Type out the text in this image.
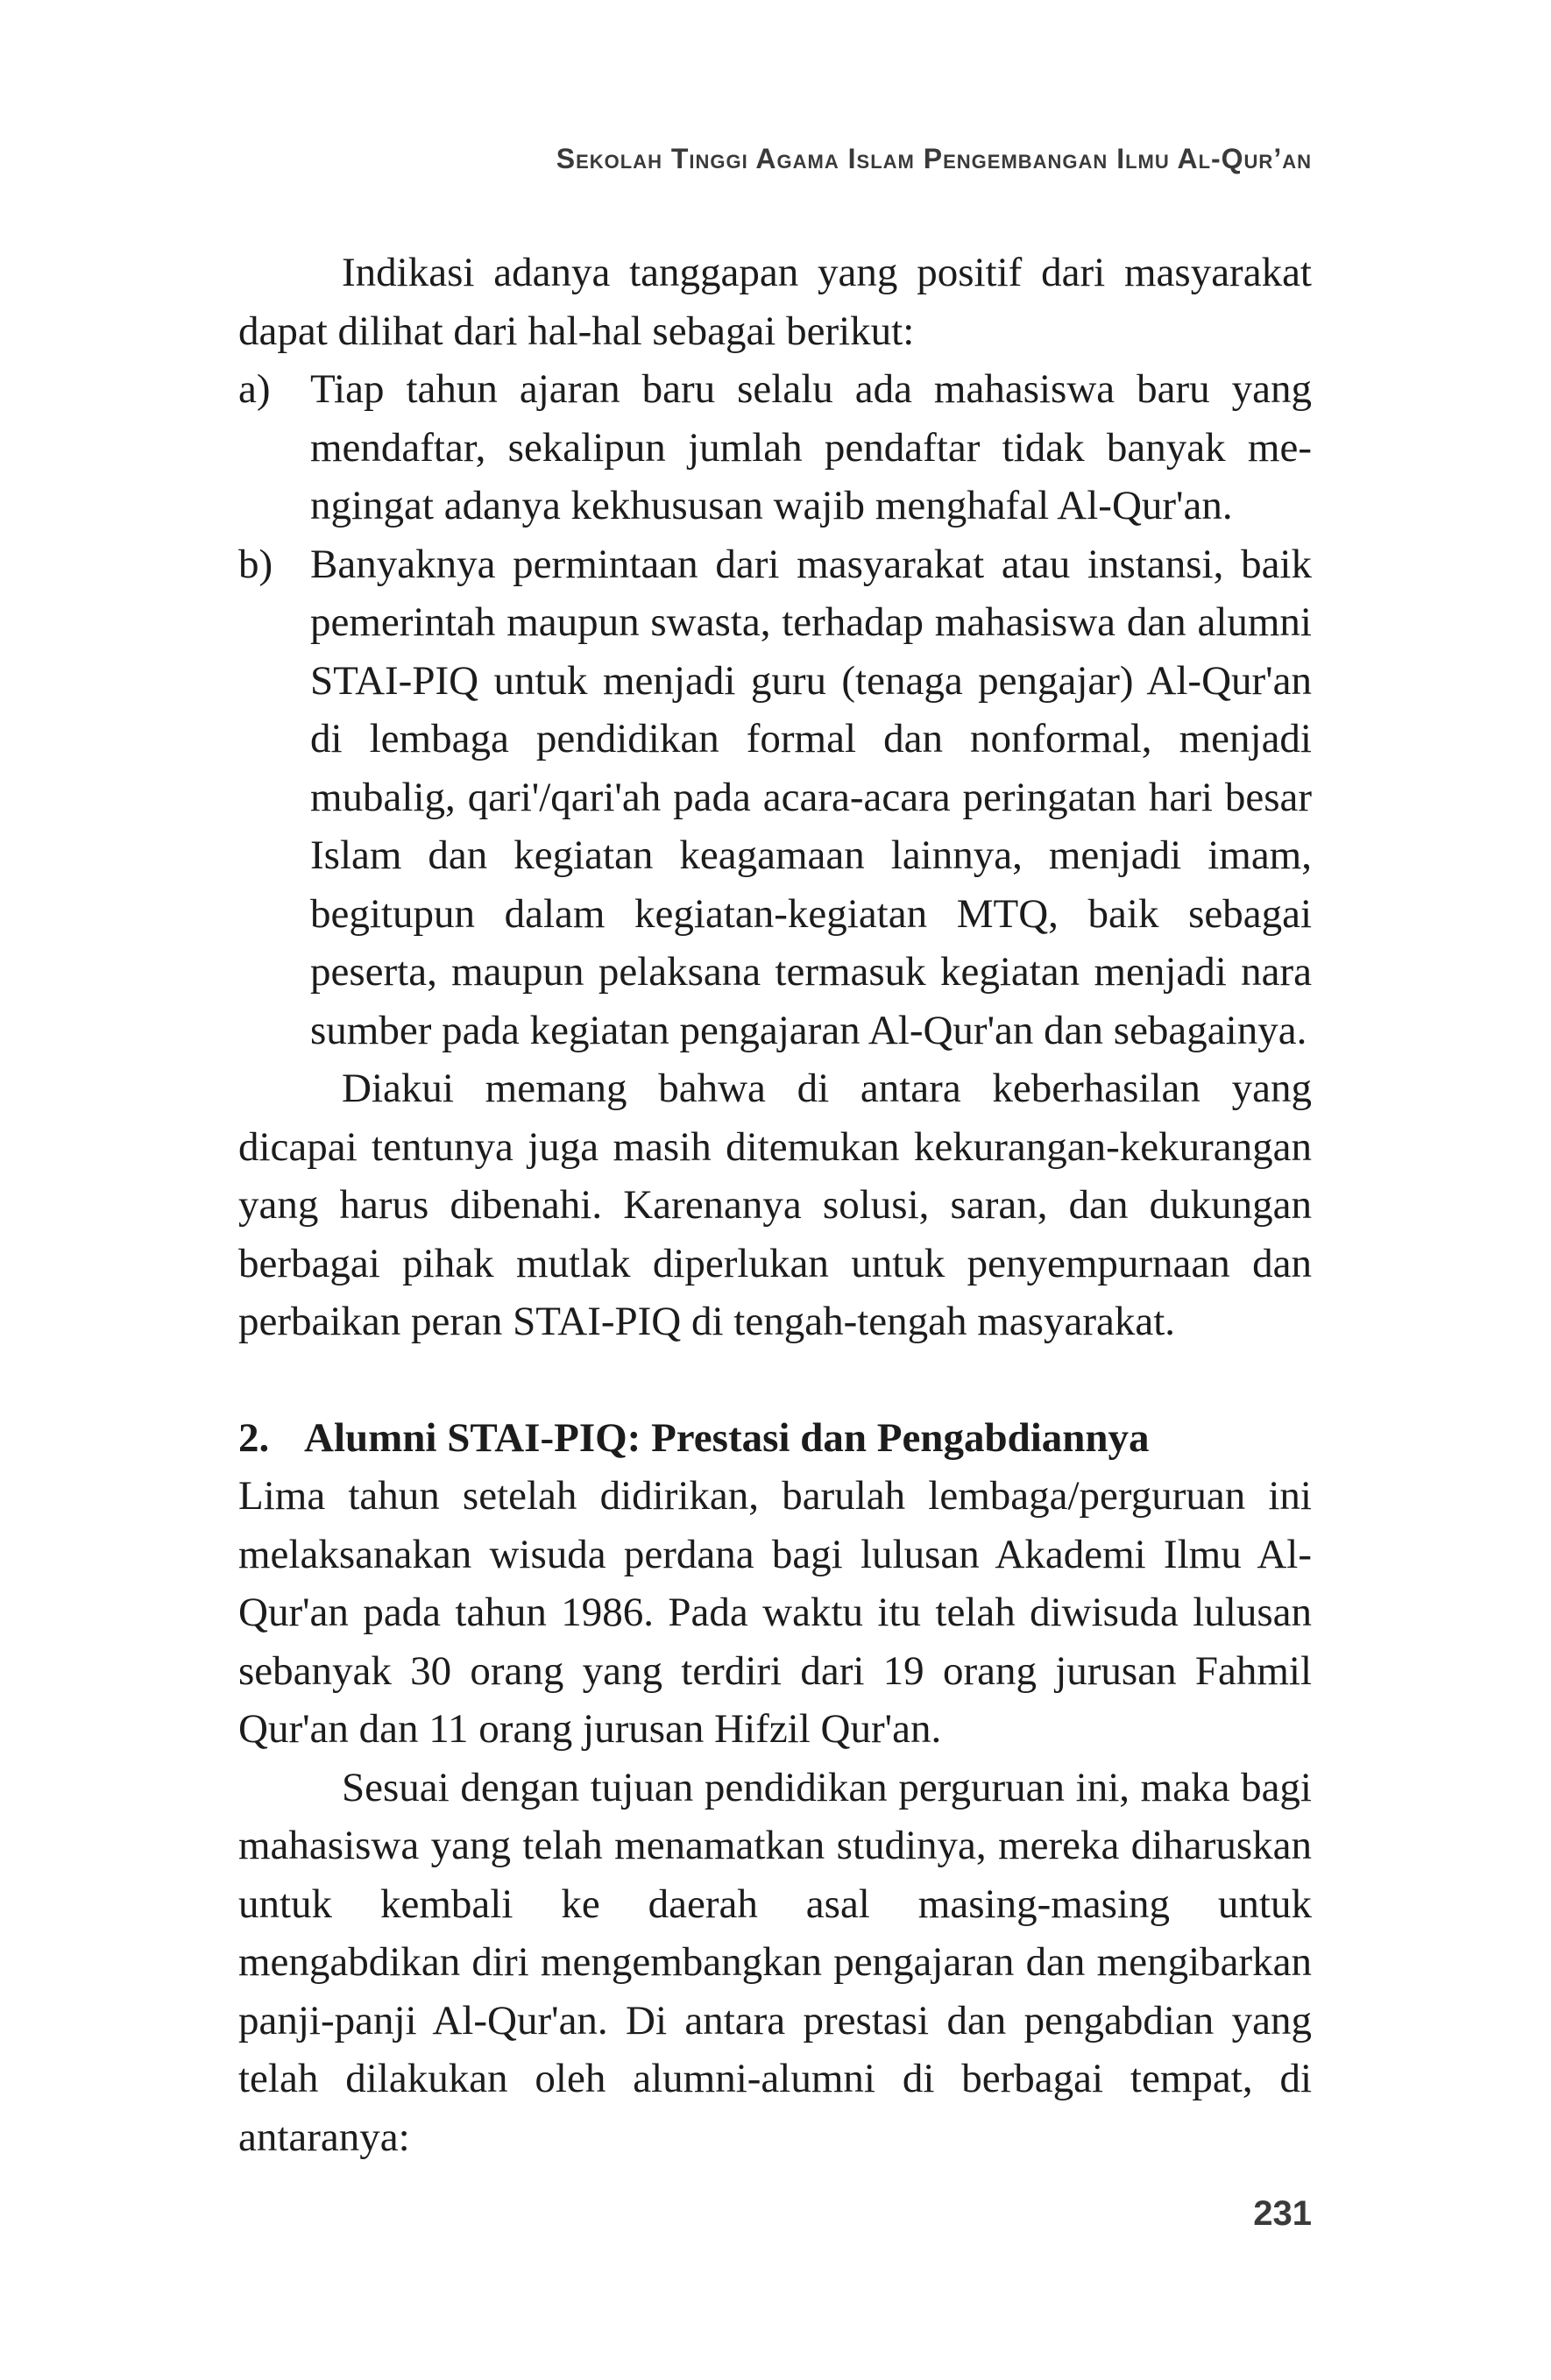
Sekolah Tinggi Agama Islam Pengembangan Ilmu Al-Qur’an

Indikasi adanya tanggapan yang positif dari masyarakat dapat dilihat dari hal-hal sebagai berikut:

a) Tiap tahun ajaran baru selalu ada mahasiswa baru yang mendaftar, sekalipun jumlah pendaftar tidak banyak mengingat adanya kekhususan wajib menghafal Al-Qur'an.
b) Banyaknya permintaan dari masyarakat atau instansi, baik pemerintah maupun swasta, terhadap mahasiswa dan alumni STAI-PIQ untuk menjadi guru (tenaga pengajar) Al-Qur'an di lembaga pendidikan formal dan nonformal, menjadi mubalig, qari'/qari'ah pada acara-acara peringatan hari besar Islam dan kegiatan keagamaan lainnya, menjadi imam, begitupun dalam kegiatan-kegiatan MTQ, baik sebagai peserta, maupun pelaksana termasuk kegiatan menjadi nara sumber pada kegiatan pengajaran Al-Qur'an dan sebagainya.

Diakui memang bahwa di antara keberhasilan yang dicapai tentunya juga masih ditemukan kekurangan-kekurangan yang harus dibenahi. Karenanya solusi, saran, dan dukungan berbagai pihak mutlak diperlukan untuk penyempurnaan dan perbaikan peran STAI-PIQ di tengah-tengah masyarakat.

2. Alumni STAI-PIQ: Prestasi dan Pengabdiannya

Lima tahun setelah didirikan, barulah lembaga/perguruan ini melaksanakan wisuda perdana bagi lulusan Akademi Ilmu Al-Qur'an pada tahun 1986. Pada waktu itu telah diwisuda lulusan sebanyak 30 orang yang terdiri dari 19 orang jurusan Fahmil Qur'an dan 11 orang jurusan Hifzil Qur'an.

Sesuai dengan tujuan pendidikan perguruan ini, maka bagi mahasiswa yang telah menamatkan studinya, mereka diharuskan untuk kembali ke daerah asal masing-masing untuk mengabdikan diri mengembangkan pengajaran dan mengibarkan panji-panji Al-Qur'an. Di antara prestasi dan pengabdian yang telah dilakukan oleh alumni-alumni di berbagai tempat, di antaranya:

231
